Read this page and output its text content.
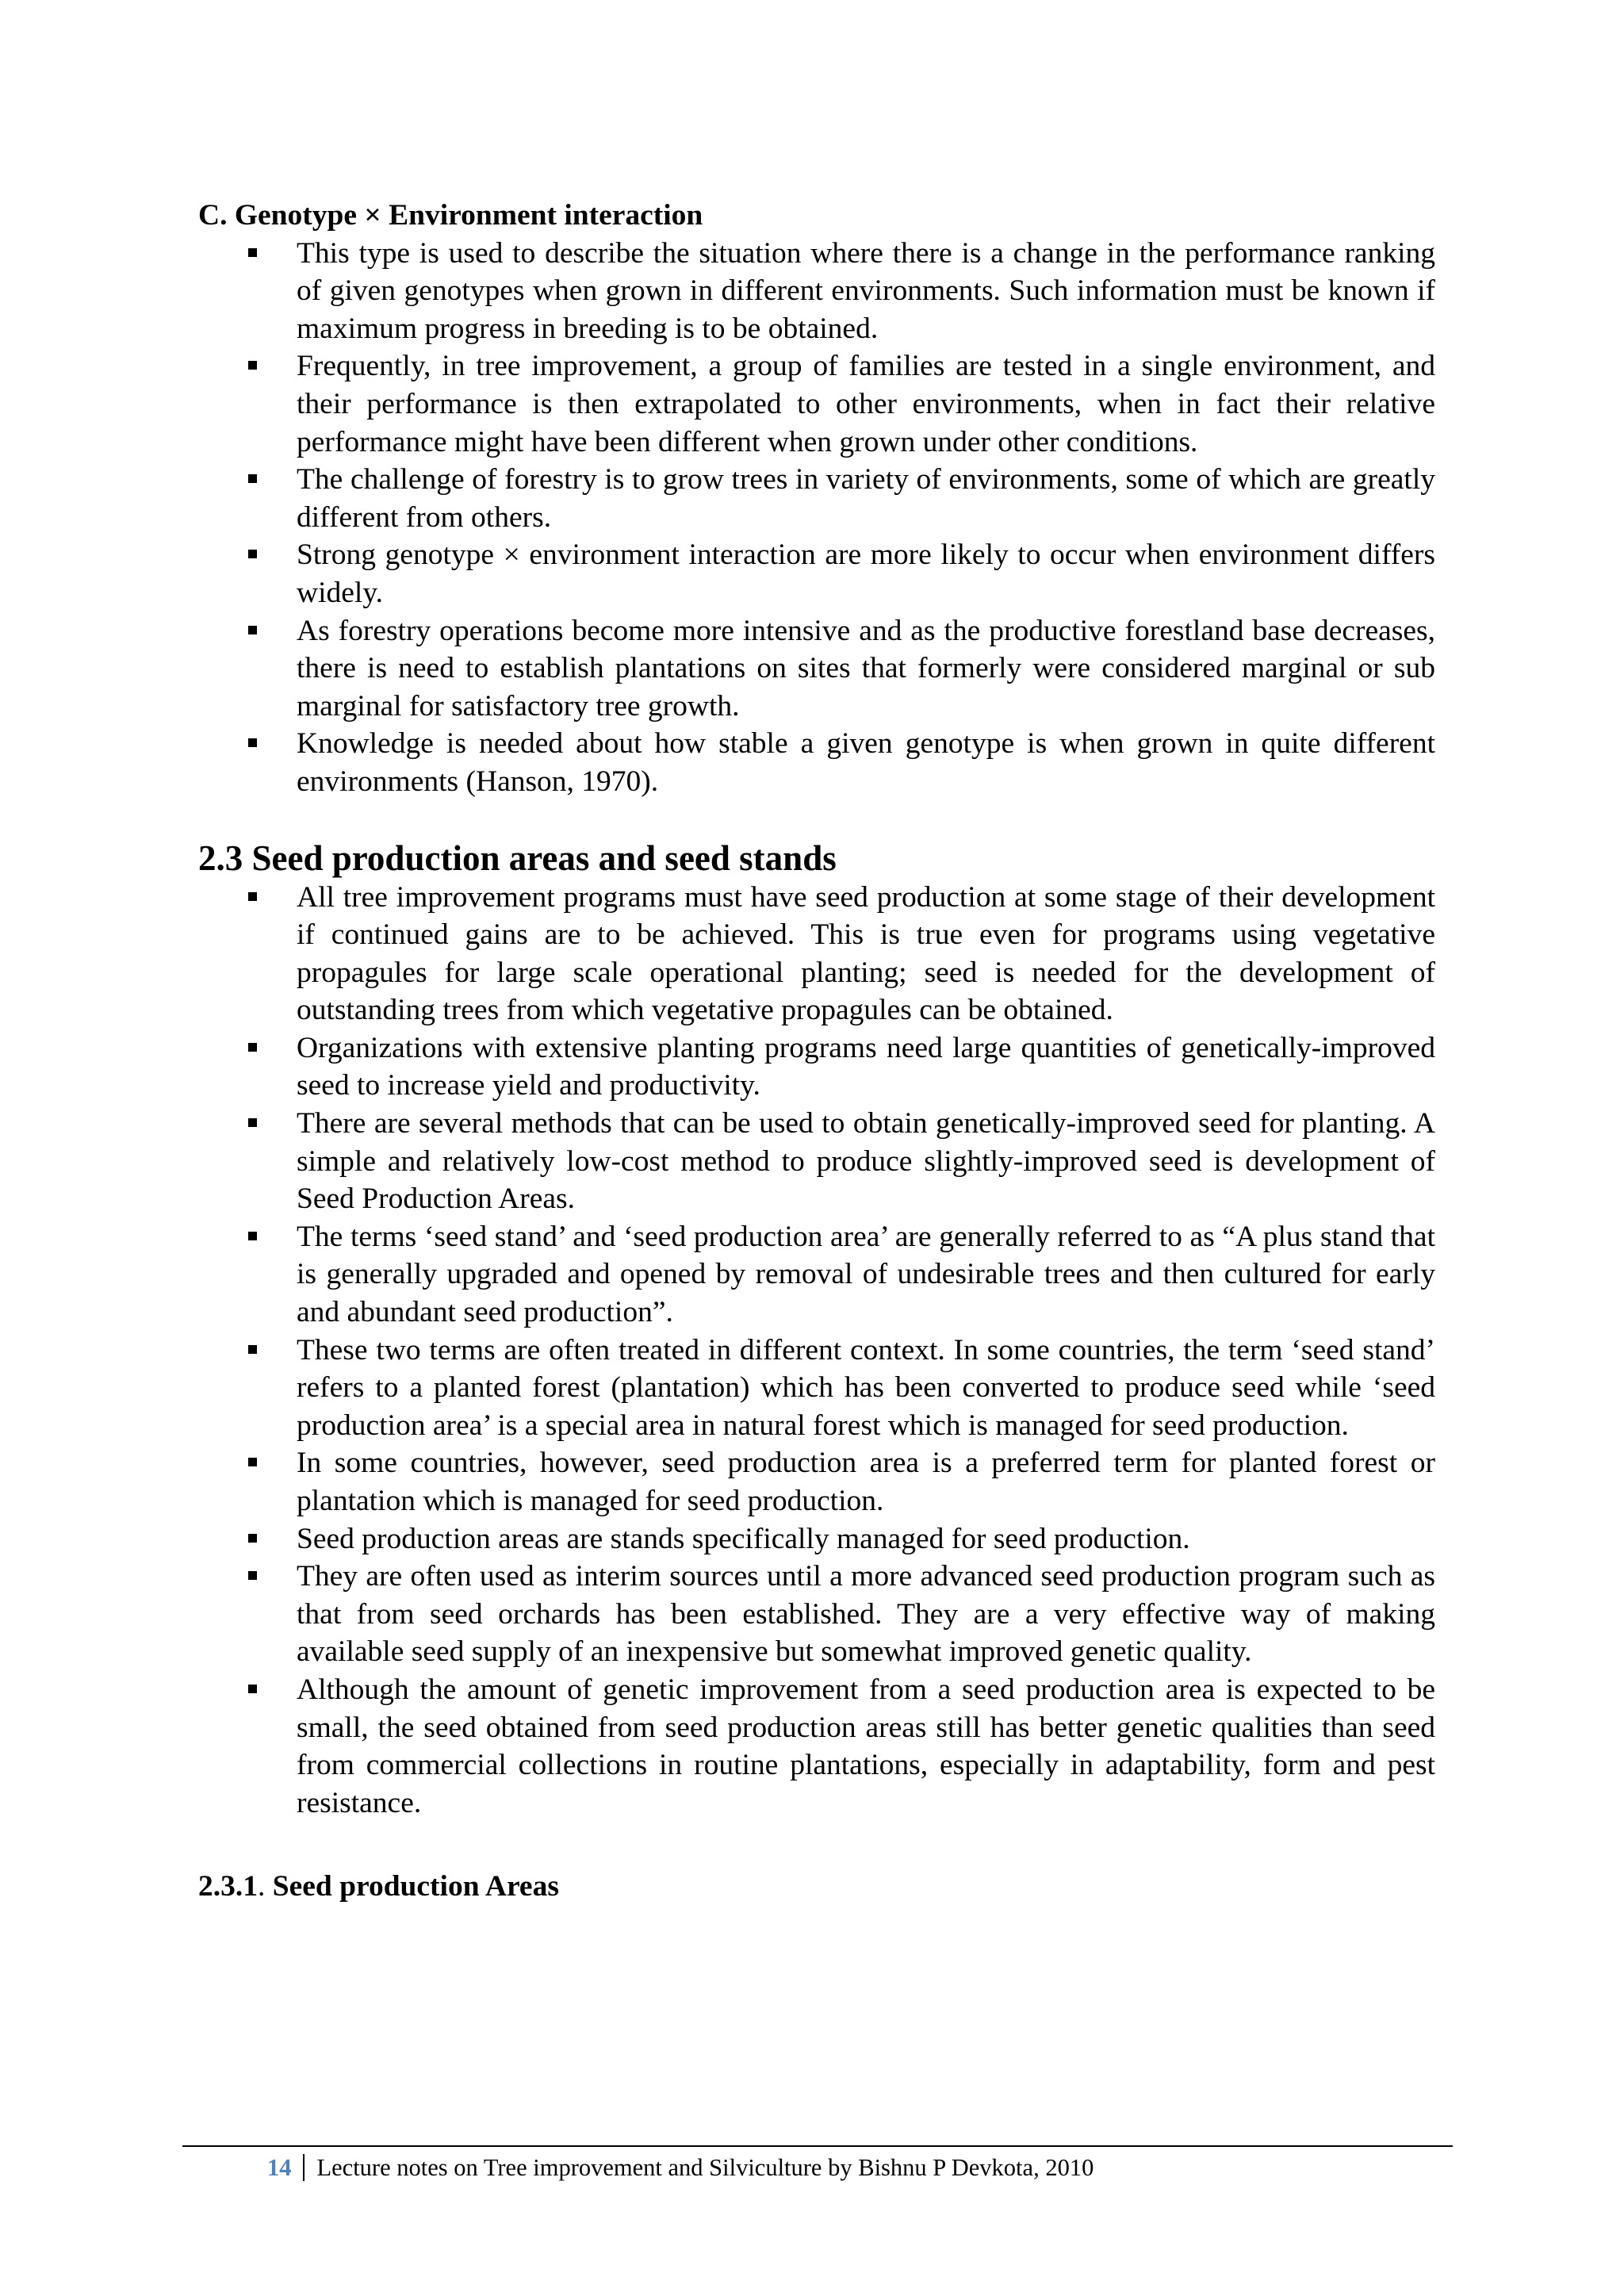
C. Genotype × Environment interaction

This type is used to describe the situation where there is a change in the performance ranking of given genotypes when grown in different environments. Such information must be known if maximum progress in breeding is to be obtained.
Frequently, in tree improvement, a group of families are tested in a single environment, and their performance is then extrapolated to other environments, when in fact their relative performance might have been different when grown under other conditions.
The challenge of forestry is to grow trees in variety of environments, some of which are greatly different from others.
Strong genotype × environment interaction are more likely to occur when environment differs widely.
As forestry operations become more intensive and as the productive forestland base decreases, there is need to establish plantations on sites that formerly were considered marginal or sub marginal for satisfactory tree growth.
Knowledge is needed about how stable a given genotype is when grown in quite different environments (Hanson, 1970).
2.3 Seed production areas and seed stands
All tree improvement programs must have seed production at some stage of their development if continued gains are to be achieved. This is true even for programs using vegetative propagules for large scale operational planting; seed is needed for the development of outstanding trees from which vegetative propagules can be obtained.
Organizations with extensive planting programs need large quantities of genetically-improved seed to increase yield and productivity.
There are several methods that can be used to obtain genetically-improved seed for planting. A simple and relatively low-cost method to produce slightly-improved seed is development of Seed Production Areas.
The terms ‘seed stand’ and ‘seed production area’ are generally referred to as “A plus stand that is generally upgraded and opened by removal of undesirable trees and then cultured for early and abundant seed production”.
These two terms are often treated in different context. In some countries, the term ‘seed stand’ refers to a planted forest (plantation) which has been converted to produce seed while ‘seed production area’ is a special area in natural forest which is managed for seed production.
In some countries, however, seed production area is a preferred term for planted forest or plantation which is managed for seed production.
Seed production areas are stands specifically managed for seed production.
They are often used as interim sources until a more advanced seed production program such as that from seed orchards has been established. They are a very effective way of making available seed supply of an inexpensive but somewhat improved genetic quality.
Although the amount of genetic improvement from a seed production area is expected to be small, the seed obtained from seed production areas still has better genetic qualities than seed from commercial collections in routine plantations, especially in adaptability, form and pest resistance.

2.3.1. Seed production Areas

14	Lecture notes on Tree improvement and Silviculture by Bishnu P Devkota, 2010
